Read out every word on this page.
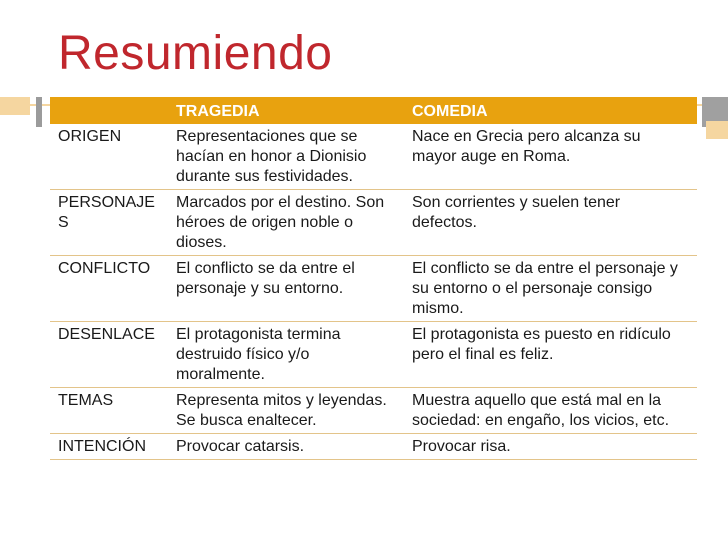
Resumiendo
	TRAGEDIA	COMEDIA
ORIGEN	Representaciones que se hacían en honor a Dionisio durante sus festividades.	Nace en Grecia pero alcanza su mayor auge en Roma.
PERSONAJES	Marcados por el destino. Son héroes de origen noble o dioses.	Son corrientes y suelen tener defectos.
CONFLICTO	El conflicto se da entre el personaje y su entorno.	El conflicto se da entre el personaje y su entorno o el personaje consigo mismo.
DESENLACE	El protagonista termina destruido físico y/o moralmente.	El protagonista es puesto en ridículo pero el final es feliz.
TEMAS	Representa mitos y leyendas. Se busca enaltecer.	Muestra aquello que está mal en la sociedad: en engaño, los vicios, etc.
INTENCIÓN	Provocar catarsis.	Provocar risa.
